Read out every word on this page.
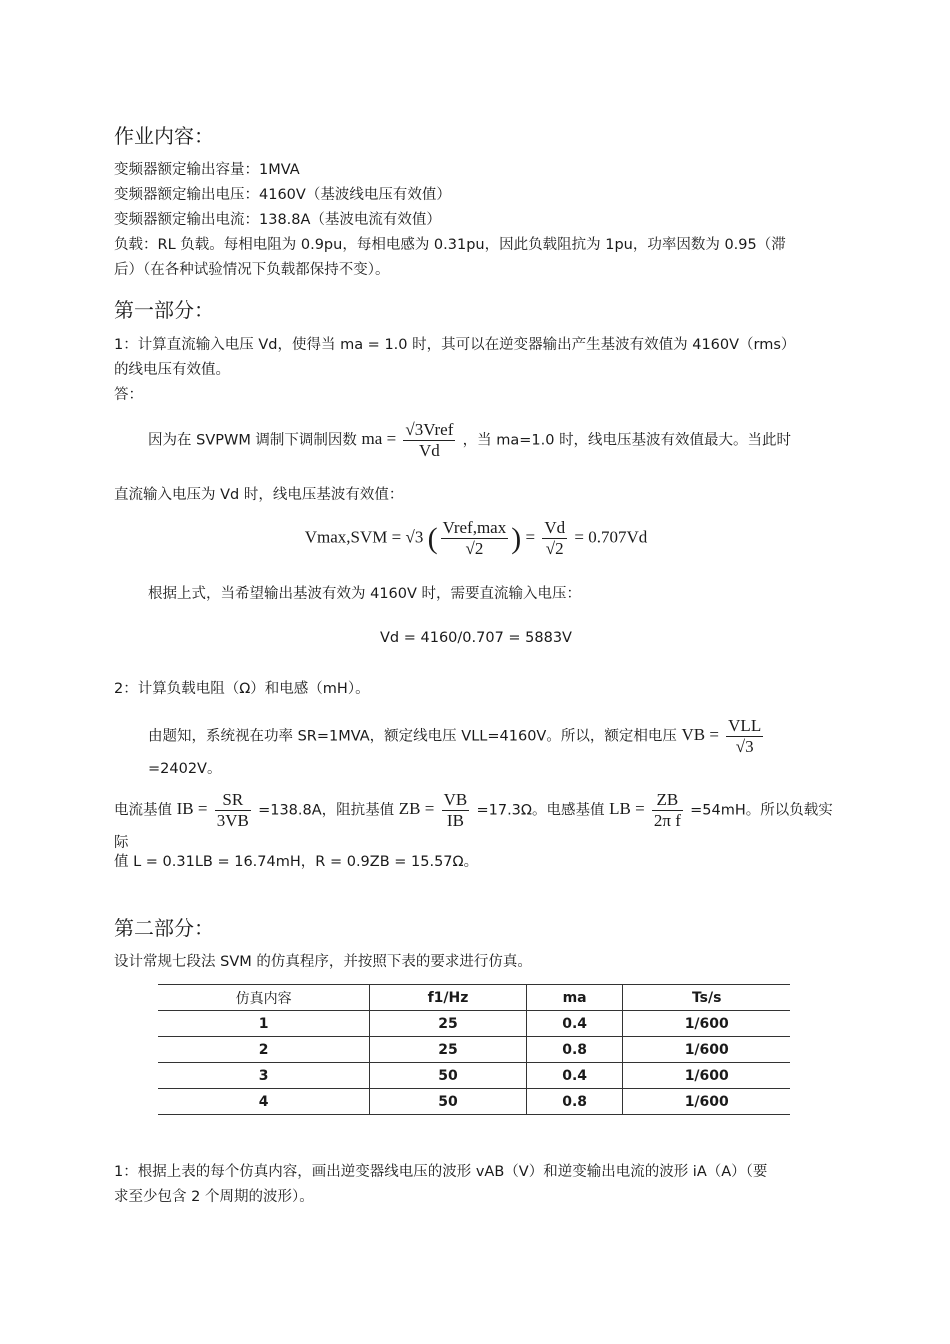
作业内容：
变频器额定输出容量：1MVA
变频器额定输出电压：4160V（基波线电压有效值）
变频器额定输出电流：138.8A（基波电流有效值）
负载：RL 负载。每相电阻为 0.9pu，每相电感为 0.31pu，因此负载阻抗为 1pu，功率因数为 0.95（滞
后）（在各种试验情况下负载都保持不变）。
第一部分：
1：计算直流输入电压 Vd，使得当 ma = 1.0 时，其可以在逆变器输出产生基波有效值为 4160V（rms）
的线电压有效值。
答：
因为在 SVPWM 调制下调制因数 ma = $\frac{\text{√3Vref}}{Vd}$ ，当 ma=1.0 时，线电压基波有效值最大。当此时
直流输入电压为 Vd 时，线电压基波有效值：
Vmax,SVM = √3 ( $\frac{\text{Vref,max}}{√2}$ ) = $\frac{Vd}{√2} = 0.707Vd$
根据上式，当希望输出基波有效为 4160V 时，需要直流输入电压：
Vd = 4160/0.707 = 5883V
2：计算负载电阻（Ω）和电感（mH）。
由题知，系统视在功率 SR=1MVA，额定线电压 VLL=4160V。所以，额定相电压 VB = $\frac{\text{VLL}}{√3}$
=2402V。
电流基值 IB = $\frac{SR}{3VB} =138.8A$，阻抗基值 ZB = $\frac{VB}{IB} =17.3\Omega$。电感基值 LB = $\frac{ZB}{\text{2π f}} =54mH$。所以负载实际
值 L = 0.31LB = 16.74mH，R = 0.9ZB = 15.57Ω。
第二部分：
设计常规七段法 SVM 的仿真程序，并按照下表的要求进行仿真。
仿真内容	f1/Hz	ma	Ts/s
1	25	0.4	1/600
2	25	0.8	1/600
3	50	0.4	1/600
4	50	0.8	1/600
1：根据上表的每个仿真内容，画出逆变器线电压的波形 vAB（V）和逆变输出电流的波形 iA（A）（要
求至少包含 2 个周期的波形）。
